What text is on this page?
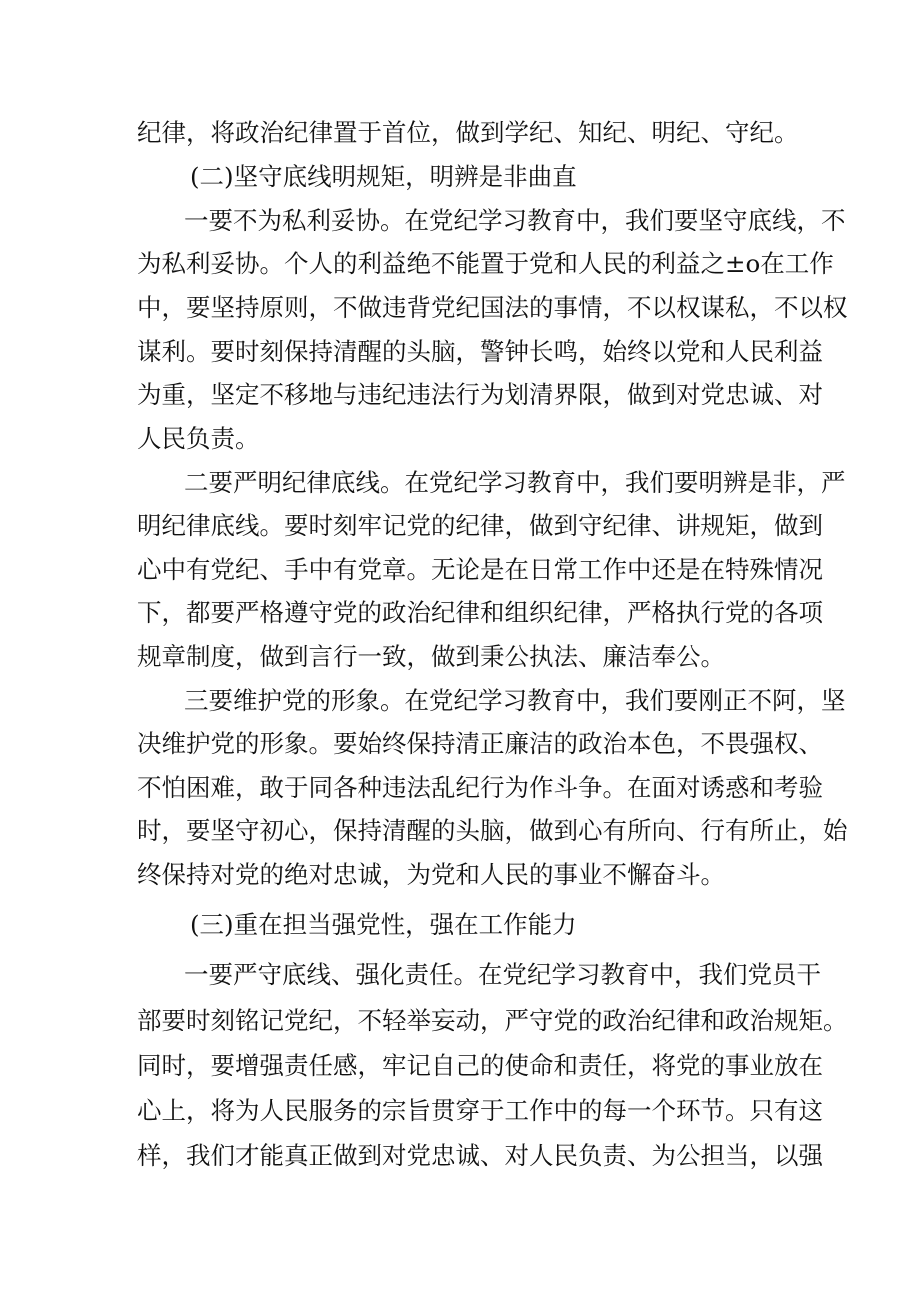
纪律，将政治纪律置于首位，做到学纪、知纪、明纪、守纪。
(二)坚守底线明规矩，明辨是非曲直
一要不为私利妥协。在党纪学习教育中，我们要坚守底线，不
为私利妥协。个人的利益绝不能置于党和人民的利益之±o在工作
中，要坚持原则，不做违背党纪国法的事情，不以权谋私，不以权
谋利。要时刻保持清醒的头脑，警钟长鸣，始终以党和人民利益
为重，坚定不移地与违纪违法行为划清界限，做到对党忠诚、对
人民负责。
二要严明纪律底线。在党纪学习教育中，我们要明辨是非，严
明纪律底线。要时刻牢记党的纪律，做到守纪律、讲规矩，做到
心中有党纪、手中有党章。无论是在日常工作中还是在特殊情况
下，都要严格遵守党的政治纪律和组织纪律，严格执行党的各项
规章制度，做到言行一致，做到秉公执法、廉洁奉公。
三要维护党的形象。在党纪学习教育中，我们要刚正不阿，坚
决维护党的形象。要始终保持清正廉洁的政治本色，不畏强权、
不怕困难，敢于同各种违法乱纪行为作斗争。在面对诱惑和考验
时，要坚守初心，保持清醒的头脑，做到心有所向、行有所止，始
终保持对党的绝对忠诚，为党和人民的事业不懈奋斗。
(三)重在担当强党性，强在工作能力
一要严守底线、强化责任。在党纪学习教育中，我们党员干
部要时刻铭记党纪，不轻举妄动，严守党的政治纪律和政治规矩。
同时，要增强责任感，牢记自己的使命和责任，将党的事业放在
心上，将为人民服务的宗旨贯穿于工作中的每一个环节。只有这
样，我们才能真正做到对党忠诚、对人民负责、为公担当，以强
